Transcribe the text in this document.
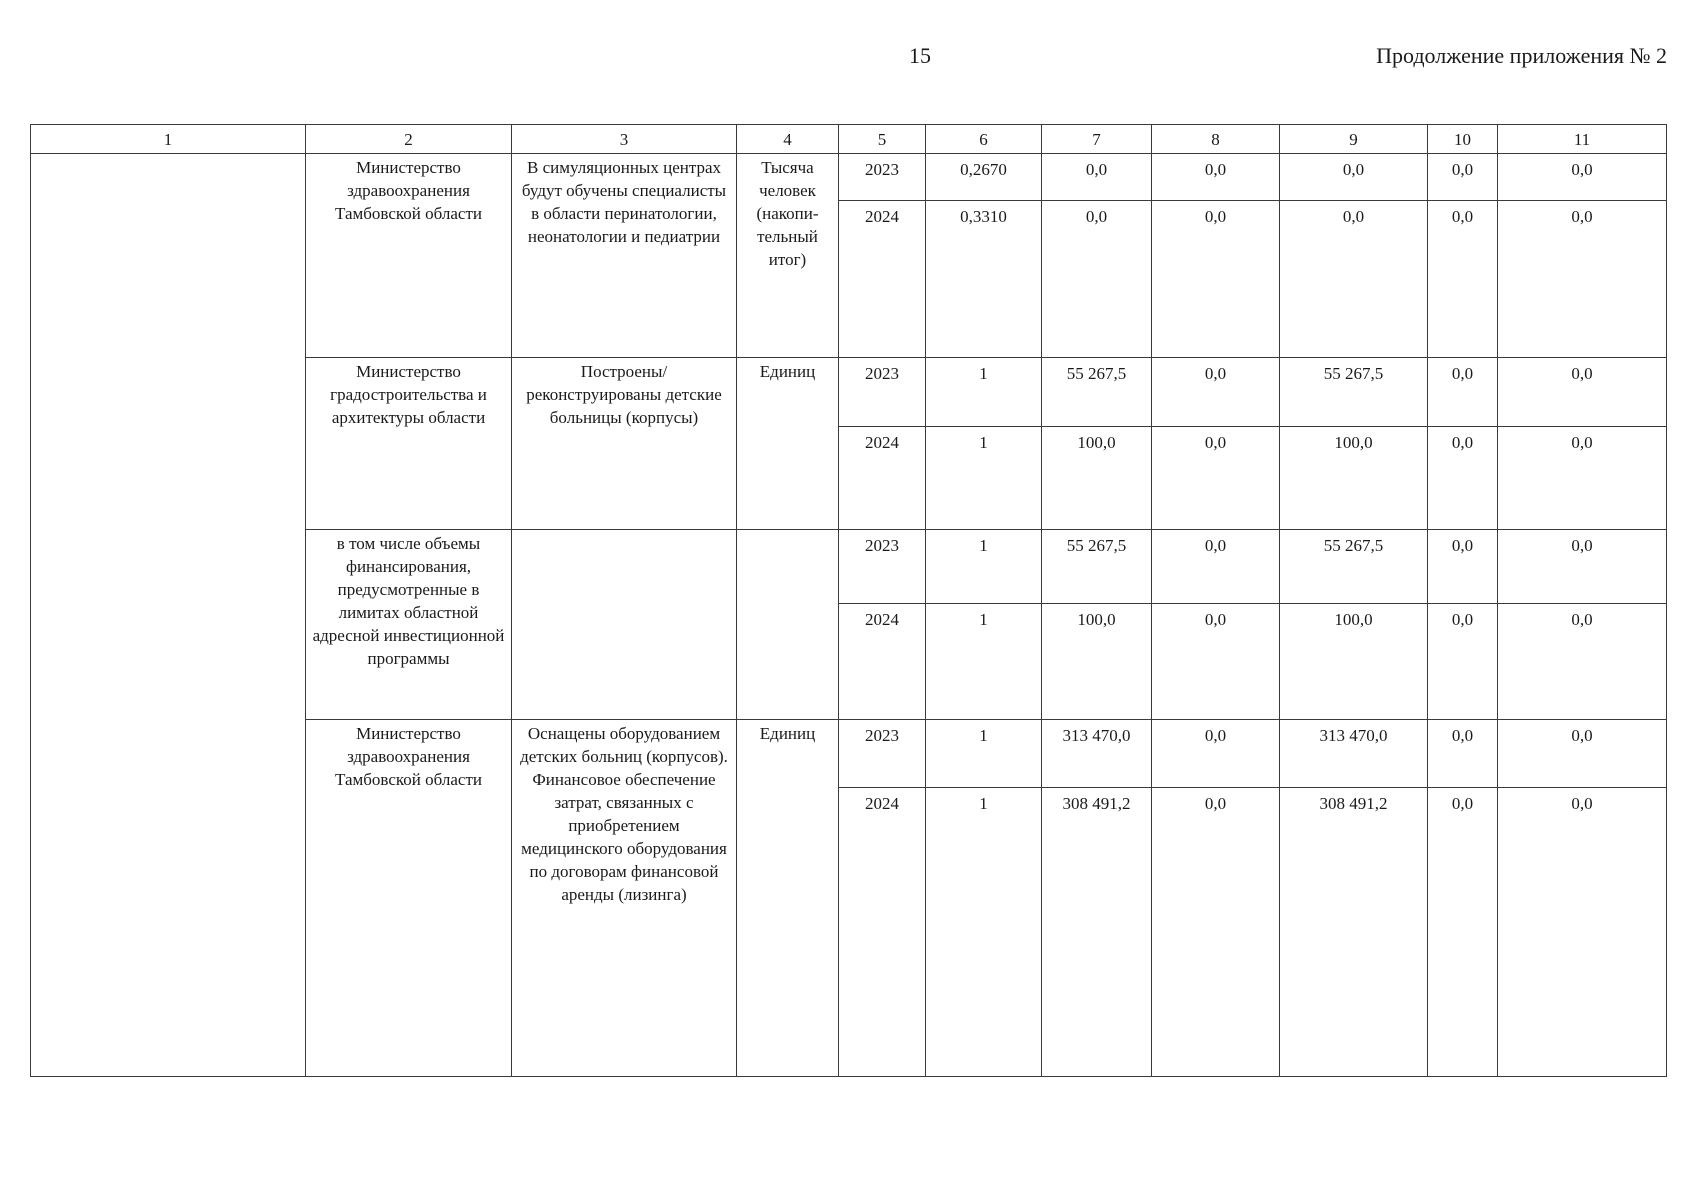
15	Продолжение приложения № 2
1	2	3	4	5	6	7	8	9	10	11
	Министерство здравоохранения Тамбовской области	В симуляционных центрах будут обучены специалисты в области перинатологии, неонатологии и педиатрии	Тысяча человек (накопи-тельный итог)	2023	0,2670	0,0	0,0	0,0	0,0	0,0
				2024	0,3310	0,0	0,0	0,0	0,0	0,0
	Министерство градостроительства и архитектуры области	Построены/ реконструированы детские больницы (корпусы)	Единиц	2023	1	55 267,5	0,0	55 267,5	0,0	0,0
				2024	1	100,0	0,0	100,0	0,0	0,0
	в том числе объемы финансирования, предусмотренные в лимитах областной адресной инвестиционной программы			2023	1	55 267,5	0,0	55 267,5	0,0	0,0
				2024	1	100,0	0,0	100,0	0,0	0,0
	Министерство здравоохранения Тамбовской области	Оснащены оборудованием детских больниц (корпусов). Финансовое обеспечение затрат, связанных с приобретением медицинского оборудования по договорам финансовой аренды (лизинга)	Единиц	2023	1	313 470,0	0,0	313 470,0	0,0	0,0
				2024	1	308 491,2	0,0	308 491,2	0,0	0,0
